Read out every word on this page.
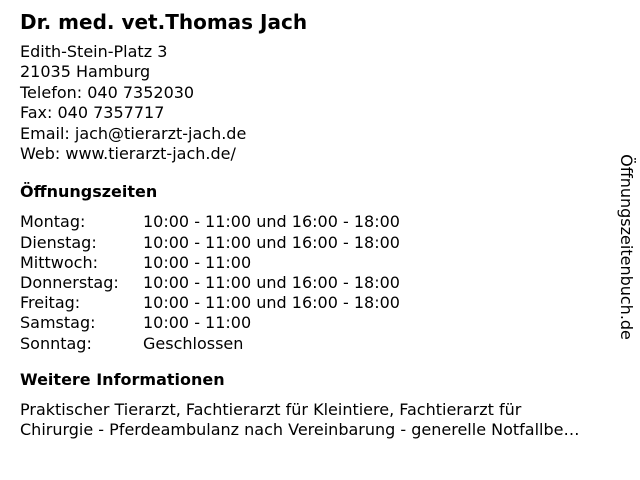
Dr. med. vet.Thomas Jach
Edith-Stein-Platz 3
21035 Hamburg
Telefon: 040 7352030
Fax: 040 7357717
Email: jach@tierarzt-jach.de
Web: www.tierarzt-jach.de/
Öffnungszeiten
Montag:	10:00 - 11:00 und 16:00 - 18:00
Dienstag:	10:00 - 11:00 und 16:00 - 18:00
Mittwoch:	10:00 - 11:00
Donnerstag:	10:00 - 11:00 und 16:00 - 18:00
Freitag:	10:00 - 11:00 und 16:00 - 18:00
Samstag:	10:00 - 11:00
Sonntag:	Geschlossen
Weitere Informationen
Praktischer Tierarzt, Fachtierarzt für Kleintiere, Fachtierarzt für
Chirurgie - Pferdeambulanz nach Vereinbarung - generelle Notfallbe…
Öffnungszeitenbuch.de
